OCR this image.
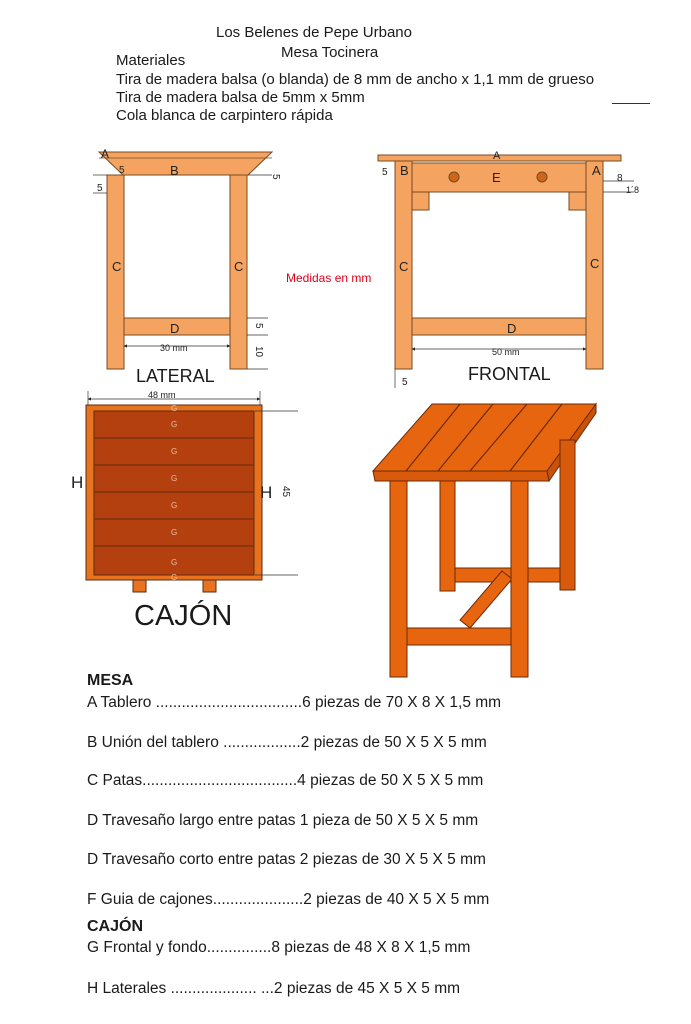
Los Belenes de Pepe Urbano
Mesa Tocinera
Materiales
Tira de madera balsa (o blanda) de 8 mm de ancho x 1,1 mm de grueso
Tira de madera balsa de 5mm x 5mm
Cola blanca de carpintero rápida
A
B
C	C
D
5
5
5
30 mm
5
10
Medidas en mm
A
B	E	A
C	C
D
5
8
1´8
50 mm
5
48 mm
G
G
G
G
G
G
G
G
H
H 45
LATERAL	FRONTAL
CAJÓN
MESA
A Tablero ..................................6 piezas de 70 X 8 X 1,5 mm
B Unión del tablero ..................2 piezas de 50 X 5 X 5 mm
C Patas....................................4 piezas de 50 X 5 X 5 mm
D Travesaño largo entre patas 1 pieza de 50 X 5 X 5 mm
D Travesaño corto entre patas 2 piezas de 30 X 5 X 5 mm
F Guia de cajones.....................2 piezas de 40 X 5 X 5 mm
CAJÓN
G Frontal y fondo...............8 piezas de 48 X 8 X 1,5 mm
H Laterales .................... ...2 piezas de 45 X 5 X 5 mm
